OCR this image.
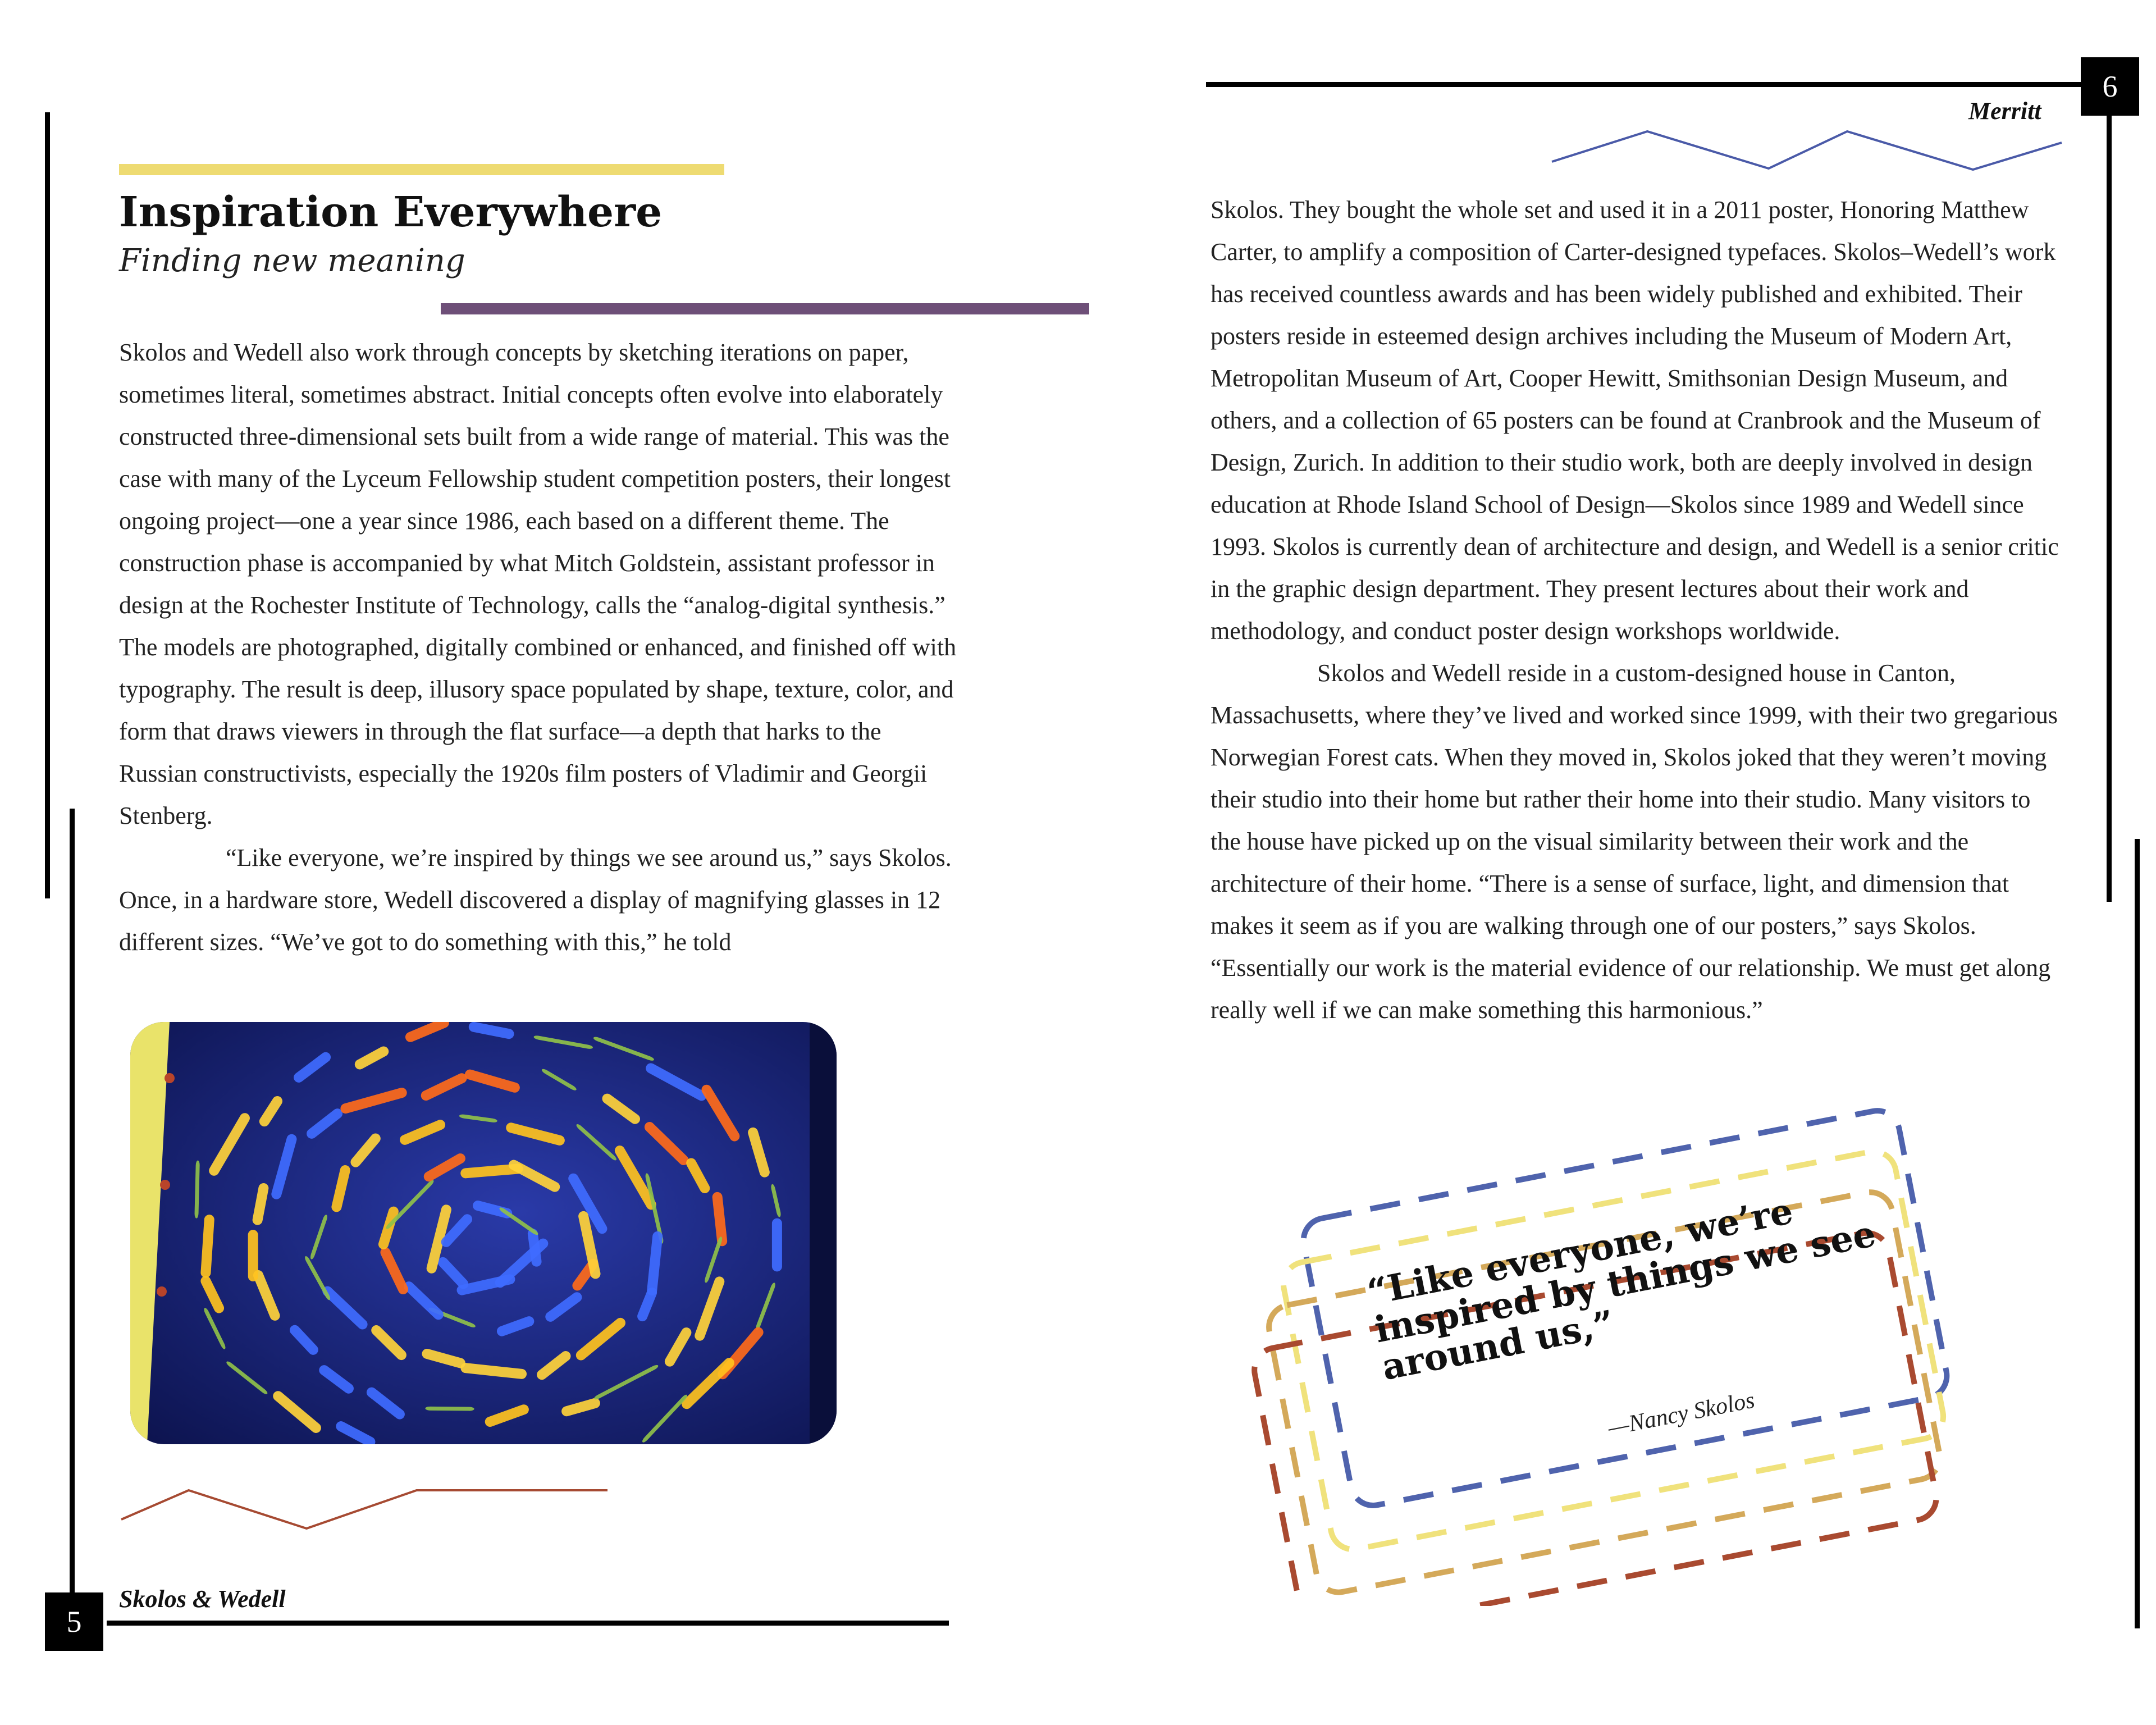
Inspiration Everywhere
Finding new meaning

Skolos and Wedell also work through concepts by sketching iterations on paper, sometimes literal, sometimes abstract. Initial concepts often evolve into elaborately constructed three-dimensional sets built from a wide range of material. This was the case with many of the Lyceum Fellowship student competition posters, their longest ongoing project—one a year since 1986, each based on a different theme. The construction phase is accompanied by what Mitch Goldstein, assistant professor in design at the Rochester Institute of Technology, calls the “analog-digital synthesis.” The models are photographed, digitally combined or enhanced, and finished off with typography. The result is deep, illusory space populated by shape, texture, color, and form that draws viewers in through the flat surface—a depth that harks to the Russian constructivists, especially the 1920s film posters of Vladimir and Georgii Stenberg.

“Like everyone, we’re inspired by things we see around us,” says Skolos. Once, in a hardware store, Wedell discovered a display of magnifying glasses in 12 different sizes. “We’ve got to do something with this,” he told

Skolos & Wedell
5
6
Merritt

Skolos. They bought the whole set and used it in a 2011 poster, Honoring Matthew Carter, to amplify a composition of Carter-designed typefaces. Skolos–Wedell’s work has received countless awards and has been widely published and exhibited. Their posters reside in esteemed design archives including the Museum of Modern Art, Metropolitan Museum of Art, Cooper Hewitt, Smithsonian Design Museum, and others, and a collection of 65 posters can be found at Cranbrook and the Museum of Design, Zurich. In addition to their studio work, both are deeply involved in design education at Rhode Island School of Design—Skolos since 1989 and Wedell since 1993. Skolos is currently dean of architecture and design, and Wedell is a senior critic in the graphic design department. They present lectures about their work and methodology, and conduct poster design workshops worldwide.

Skolos and Wedell reside in a custom-designed house in Canton, Massachusetts, where they’ve lived and worked since 1999, with their two gregarious Norwegian Forest cats. When they moved in, Skolos joked that they weren’t moving their studio into their home but rather their home into their studio. Many visitors to the house have picked up on the visual similarity between their work and the architecture of their home. “There is a sense of surface, light, and dimension that makes it seem as if you are walking through one of our posters,” says Skolos. “Essentially our work is the material evidence of our relationship. We must get along really well if we can make something this harmonious.”

“Like everyone, we’re inspired by things we see around us,”
—Nancy Skolos
